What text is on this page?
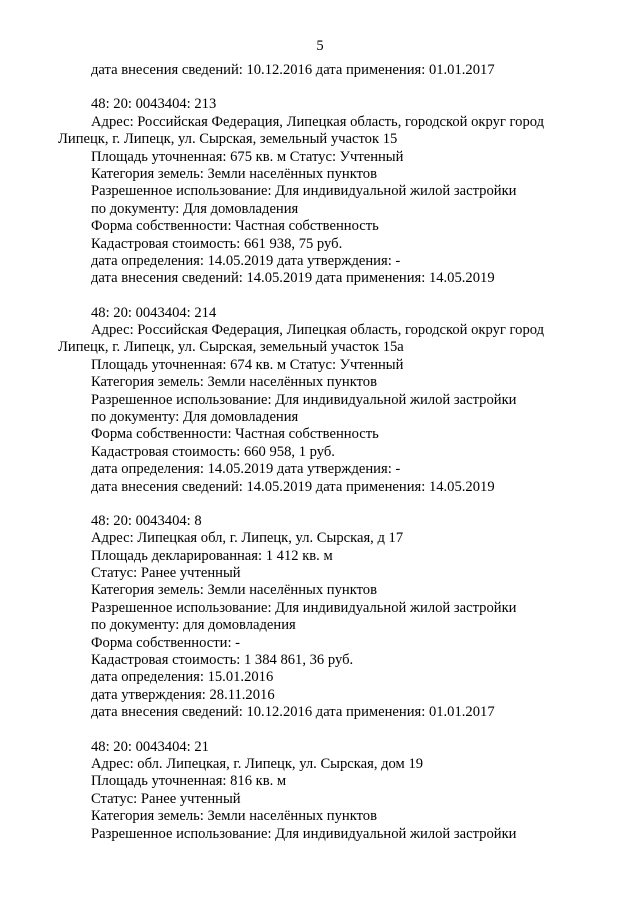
5
дата внесения сведений: 10.12.2016 дата применения: 01.01.2017
48: 20: 0043404: 213
Адрес: Российская Федерация, Липецкая область, городской округ город
Липецк, г. Липецк, ул. Сырская, земельный участок 15
Площадь уточненная: 675 кв. м Статус: Учтенный
Категория земель: Земли населённых пунктов
Разрешенное использование: Для индивидуальной жилой застройки
по документу: Для домовладения
Форма собственности: Частная собственность
Кадастровая стоимость: 661 938, 75 руб.
дата определения: 14.05.2019 дата утверждения: -
дата внесения сведений: 14.05.2019 дата применения: 14.05.2019
48: 20: 0043404: 214
Адрес: Российская Федерация, Липецкая область, городской округ город
Липецк, г. Липецк, ул. Сырская, земельный участок 15а
Площадь уточненная: 674 кв. м Статус: Учтенный
Категория земель: Земли населённых пунктов
Разрешенное использование: Для индивидуальной жилой застройки
по документу: Для домовладения
Форма собственности: Частная собственность
Кадастровая стоимость: 660 958, 1 руб.
дата определения: 14.05.2019 дата утверждения: -
дата внесения сведений: 14.05.2019 дата применения: 14.05.2019
48: 20: 0043404: 8
Адрес: Липецкая обл, г. Липецк, ул. Сырская, д 17
Площадь декларированная: 1 412 кв. м
Статус: Ранее учтенный
Категория земель: Земли населённых пунктов
Разрешенное использование: Для индивидуальной жилой застройки
по документу: для домовладения
Форма собственности: -
Кадастровая стоимость: 1 384 861, 36 руб.
дата определения: 15.01.2016
дата утверждения: 28.11.2016
дата внесения сведений: 10.12.2016 дата применения: 01.01.2017
48: 20: 0043404: 21
Адрес: обл. Липецкая, г. Липецк, ул. Сырская, дом 19
Площадь уточненная: 816 кв. м
Статус: Ранее учтенный
Категория земель: Земли населённых пунктов
Разрешенное использование: Для индивидуальной жилой застройки
